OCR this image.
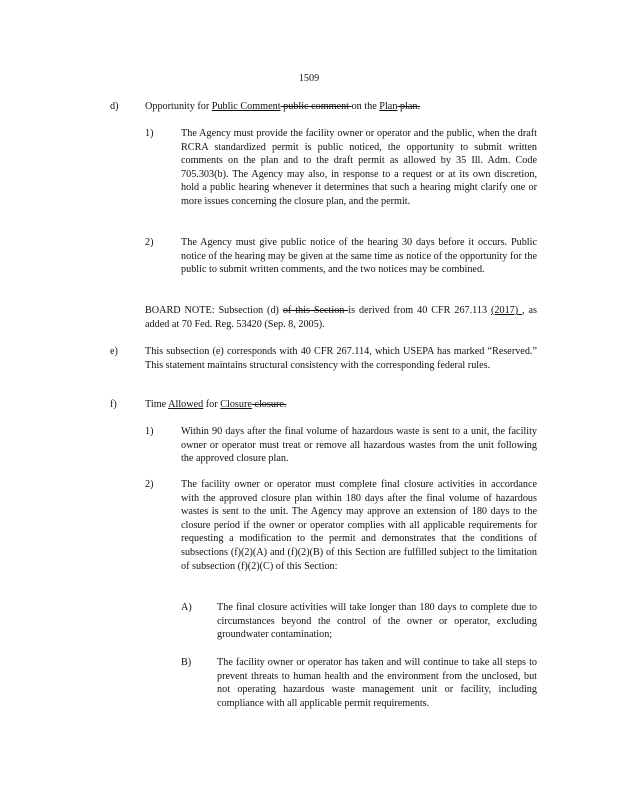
1509
d)	Opportunity for Public Comment public comment on the Plan plan.
1)	The Agency must provide the facility owner or operator and the public, when the draft RCRA standardized permit is public noticed, the opportunity to submit written comments on the plan and to the draft permit as allowed by 35 Ill. Adm. Code 705.303(b). The Agency may also, in response to a request or at its own discretion, hold a public hearing whenever it determines that such a hearing might clarify one or more issues concerning the closure plan, and the permit.
2)	The Agency must give public notice of the hearing 30 days before it occurs. Public notice of the hearing may be given at the same time as notice of the opportunity for the public to submit written comments, and the two notices may be combined.
BOARD NOTE: Subsection (d) of this Section is derived from 40 CFR 267.113 (2017) , as added at 70 Fed. Reg. 53420 (Sep. 8, 2005).
e)	This subsection (e) corresponds with 40 CFR 267.114, which USEPA has marked “Reserved.” This statement maintains structural consistency with the corresponding federal rules.
f)	Time Allowed for Closure closure.
1)	Within 90 days after the final volume of hazardous waste is sent to a unit, the facility owner or operator must treat or remove all hazardous wastes from the unit following the approved closure plan.
2)	The facility owner or operator must complete final closure activities in accordance with the approved closure plan within 180 days after the final volume of hazardous wastes is sent to the unit. The Agency may approve an extension of 180 days to the closure period if the owner or operator complies with all applicable requirements for requesting a modification to the permit and demonstrates that the conditions of subsections (f)(2)(A) and (f)(2)(B) of this Section are fulfilled subject to the limitation of subsection (f)(2)(C) of this Section:
A) The final closure activities will take longer than 180 days to complete due to circumstances beyond the control of the owner or operator, excluding groundwater contamination;
B)	The facility owner or operator has taken and will continue to take all steps to prevent threats to human health and the environment from the unclosed, but not operating hazardous waste management unit or facility, including compliance with all applicable permit requirements.
